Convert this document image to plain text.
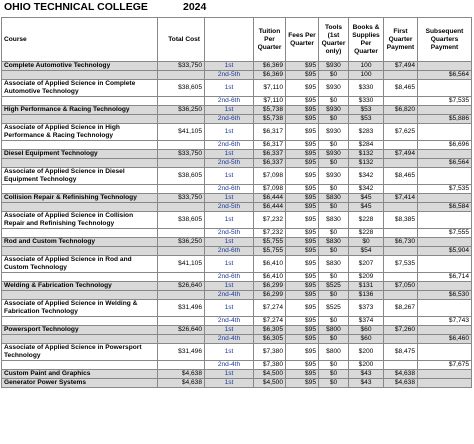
OHIO TECHNICAL COLLEGE	2024
Course	Total Cost		Tuition Per Quarter	Fees Per Quarter	Tools (1st Quarter only)	Books & Supplies Per Quarter	First Quarter Payment	Subsequent Quarters Payment
Complete Automotive Technology	$33,750	1st	$6,369	$95	$930	100	$7,494	
		2nd-5th	$6,369	$95	$0	100		$6,564
Associate of Applied Science in Complete Automotive Technology	$38,605	1st	$7,110	$95	$930	$330	$8,465	
		2nd-6th	$7,110	$95	$0	$330		$7,535
High Performance & Racing Technology	$36,250	1st	$5,738	$95	$930	$53	$6,820	
		2nd-6th	$5,738	$95	$0	$53		$5,886
Associate of Applied Science in High Performance & Racing Technology	$41,105	1st	$6,317	$95	$930	$283	$7,625	
		2nd-6th	$6,317	$95	$0	$284		$6,696
Diesel Equipment Technology	$33,750	1st	$6,337	$95	$930	$132	$7,494	
		2nd-5th	$6,337	$95	$0	$132		$6,564
Associate of Applied Science in Diesel Equipment Technology	$38,605	1st	$7,098	$95	$930	$342	$8,465	
		2nd-6th	$7,098	$95	$0	$342		$7,535
Collision Repair & Refinishing Technology	$33,750	1st	$6,444	$95	$830	$45	$7,414	
		2nd-5th	$6,444	$95	$0	$45		$6,584
Associate of Applied Science in Collision Repair and Refinishing Technology	$38,605	1st	$7,232	$95	$830	$228	$8,385	
		2nd-5th	$7,232	$95	$0	$228		$7,555
Rod and Custom Technology	$36,250	1st	$5,755	$95	$830	$0	$6,730	
		2nd-6th	$5,755	$95	$0	$54		$5,904
Associate of Applied Science in Rod and Custom Technology	$41,105	1st	$6,410	$95	$830	$207	$7,535	
		2nd-6th	$6,410	$95	$0	$209		$6,714
Welding & Fabrication Technology	$26,640	1st	$6,299	$95	$525	$131	$7,050	
		2nd-4th	$6,299	$95	$0	$136		$6,530
Associate of Applied Science in Welding & Fabrication Technology	$31,496	1st	$7,274	$95	$525	$373	$8,267	
		2nd-4th	$7,274	$95	$0	$374		$7,743
Powersport Technology	$26,640	1st	$6,305	$95	$800	$60	$7,260	
		2nd-4th	$6,305	$95	$0	$60		$6,460
Associate of Applied Science in Powersport Technology	$31,496	1st	$7,380	$95	$800	$200	$8,475	
		2nd-4th	$7,380	$95	$0	$200		$7,675
Custom Paint and Graphics	$4,638	1st	$4,500	$95	$0	$43	$4,638	
Generator Power Systems	$4,638	1st	$4,500	$95	$0	$43	$4,638	
